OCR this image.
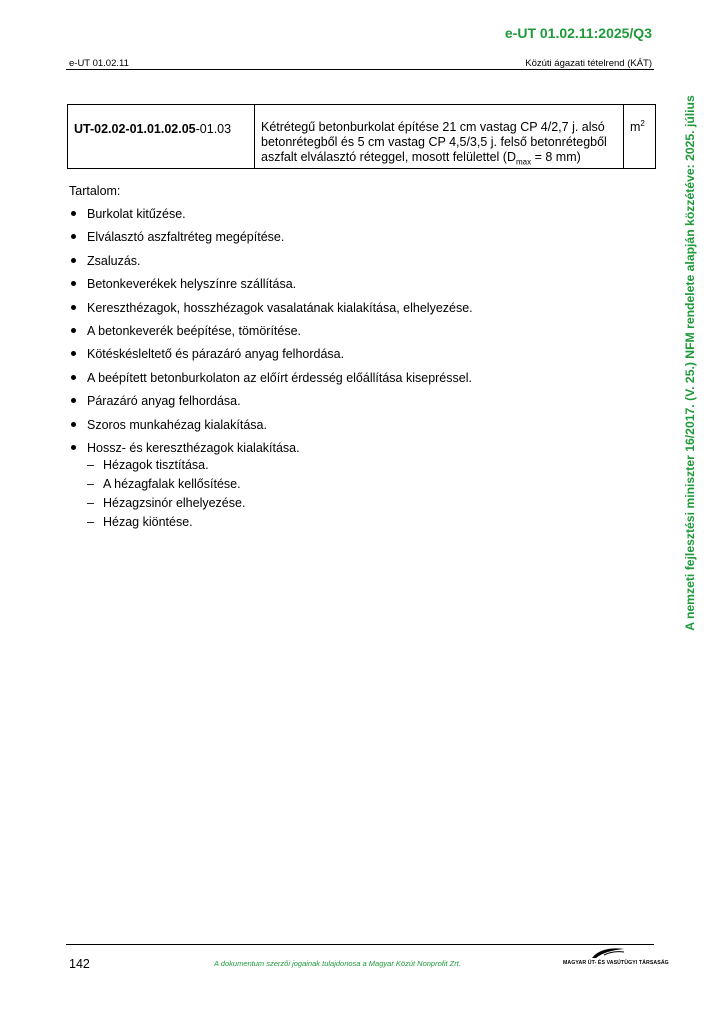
e-UT 01.02.11:2025/Q3
e-UT 01.02.11	Közúti ágazati tételrend (KÁT)
UT-02.02-01.01.02.05-01.03	Kétrétegű betonburkolat építése 21 cm vastag CP 4/2,7 j. alsó betonrétegből és 5 cm vastag CP 4,5/3,5 j. felső betonrétegből aszfalt elválasztó réteggel, mosott felülettel ($D_{max} = 8$ mm)	$m^2$
Tartalom:
Burkolat kitűzése.
Elválasztó aszfaltréteg megépítése.
Zsaluzás.
Betonkeverékek helyszínre szállítása.
Kereszthézagok, hosszhézagok vasalatának kialakítása, elhelyezése.
A betonkeverék beépítése, tömörítése.
Kötéskésleltető és párazáró anyag felhordása.
A beépített betonburkolaton az előírt érdesség előállítása kisepréssel.
Párazáró anyag felhordása.
Szoros munkahézag kialakítása.
Hossz- és kereszthézagok kialakítása.
– Hézagok tisztítása.
– A hézagfalak kellősítése.
– Hézagzsinór elhelyezése.
– Hézag kiöntése.	A nemzeti fejlesztési miniszter 16/2017. (V. 25.) NFM rendelete alapján közzétéve: 2025. július
142	A dokumentum szerzői jogainak tulajdonosa a Magyar Közút Nonprofit Zrt.	MAGYAR ÚT- ÉS VASÚTÜGYI TÁRSASÁG
